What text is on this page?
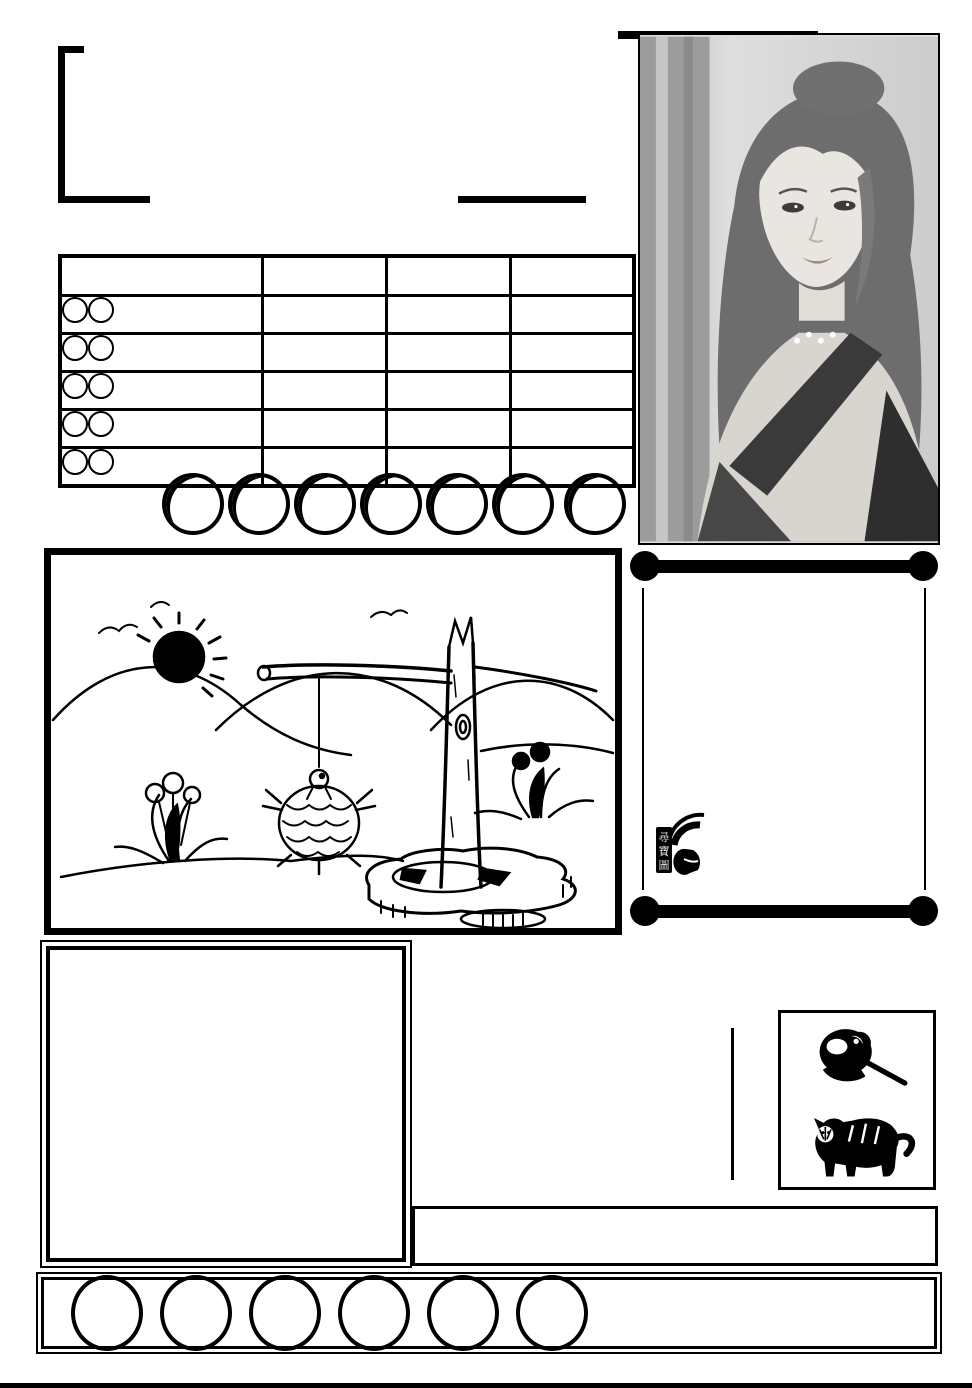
尋
寶
圖
